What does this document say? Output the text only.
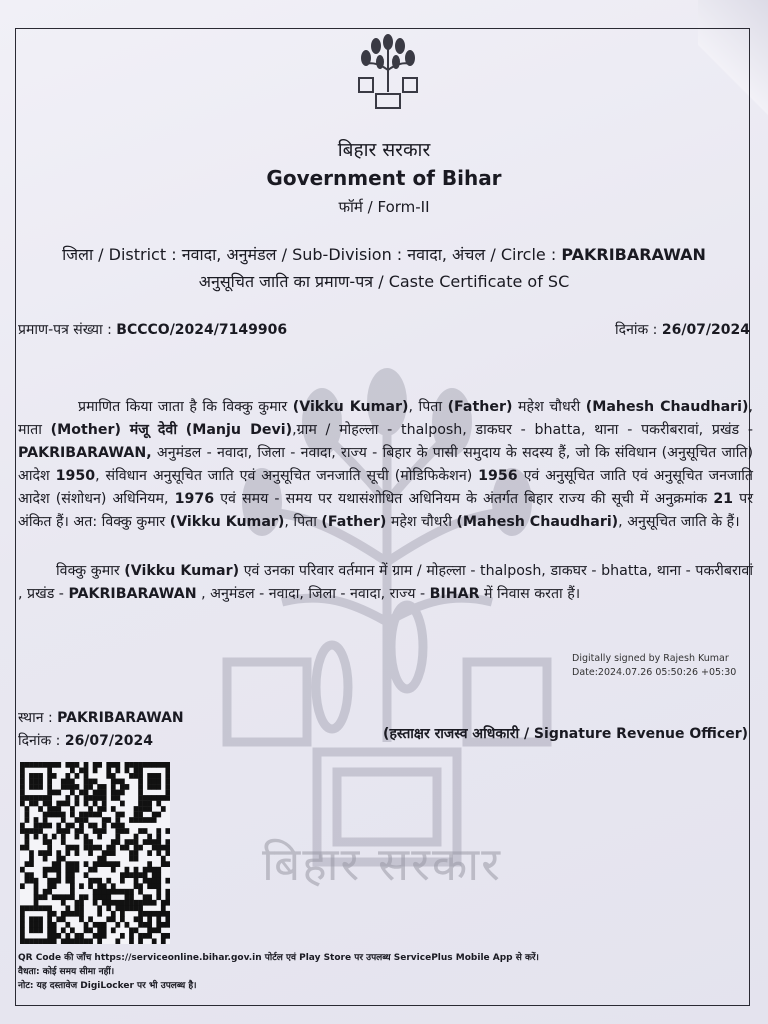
बिहार सरकार
बिहार सरकार
Government of Bihar
फॉर्म / Form-II
जिला / District : नवादा, अनुमंडल / Sub-Division : नवादा, अंचल / Circle : PAKRIBARAWAN
अनुसूचित जाति का प्रमाण-पत्र / Caste Certificate of SC
प्रमाण-पत्र संख्या : BCCCO/2024/7149906	दिनांक : 26/07/2024

प्रमाणित किया जाता है कि विक्कु कुमार (Vikku Kumar), पिता (Father) महेश चौधरी (Mahesh Chaudhari), माता (Mother) मंजू देवी (Manju Devi),ग्राम / मोहल्ला - thalposh, डाकघर - bhatta, थाना - पकरीबरावां, प्रखंड - PAKRIBARAWAN, अनुमंडल - नवादा, जिला - नवादा, राज्य - बिहार के पासी समुदाय के सदस्य हैं, जो कि संविधान (अनुसूचित जाति) आदेश 1950, संविधान अनुसूचित जाति एवं अनुसूचित जनजाति सूची (मोडिफिकेशन) 1956 एवं अनुसूचित जाति एवं अनुसूचित जनजाति आदेश (संशोधन) अधिनियम, 1976 एवं समय - समय पर यथासंशोधित अधिनियम के अंतर्गत बिहार राज्य की सूची में अनुक्रमांक 21 पर अंकित हैं। अत: विक्कु कुमार (Vikku Kumar), पिता (Father) महेश चौधरी (Mahesh Chaudhari), अनुसूचित जाति के हैं।

विक्कु कुमार (Vikku Kumar) एवं उनका परिवार वर्तमान में ग्राम / मोहल्ला - thalposh, डाकघर - bhatta, थाना - पकरीबरावां , प्रखंड - PAKRIBARAWAN , अनुमंडल - नवादा, जिला - नवादा, राज्य - BIHAR में निवास करता हैं।

Digitally signed by Rajesh Kumar
Date:2024.07.26 05:50:26 +05:30
स्थान : PAKRIBARAWAN
दिनांक : 26/07/2024	(हस्ताक्षर राजस्व अधिकारी / Signature Revenue Officer)
QR Code की जाँच https://serviceonline.bihar.gov.in पोर्टल एवं Play Store पर उपलब्ध ServicePlus Mobile App से करें।
वैधता: कोई समय सीमा नहीं।
नोट: यह दस्तावेज DigiLocker पर भी उपलब्ध है।
